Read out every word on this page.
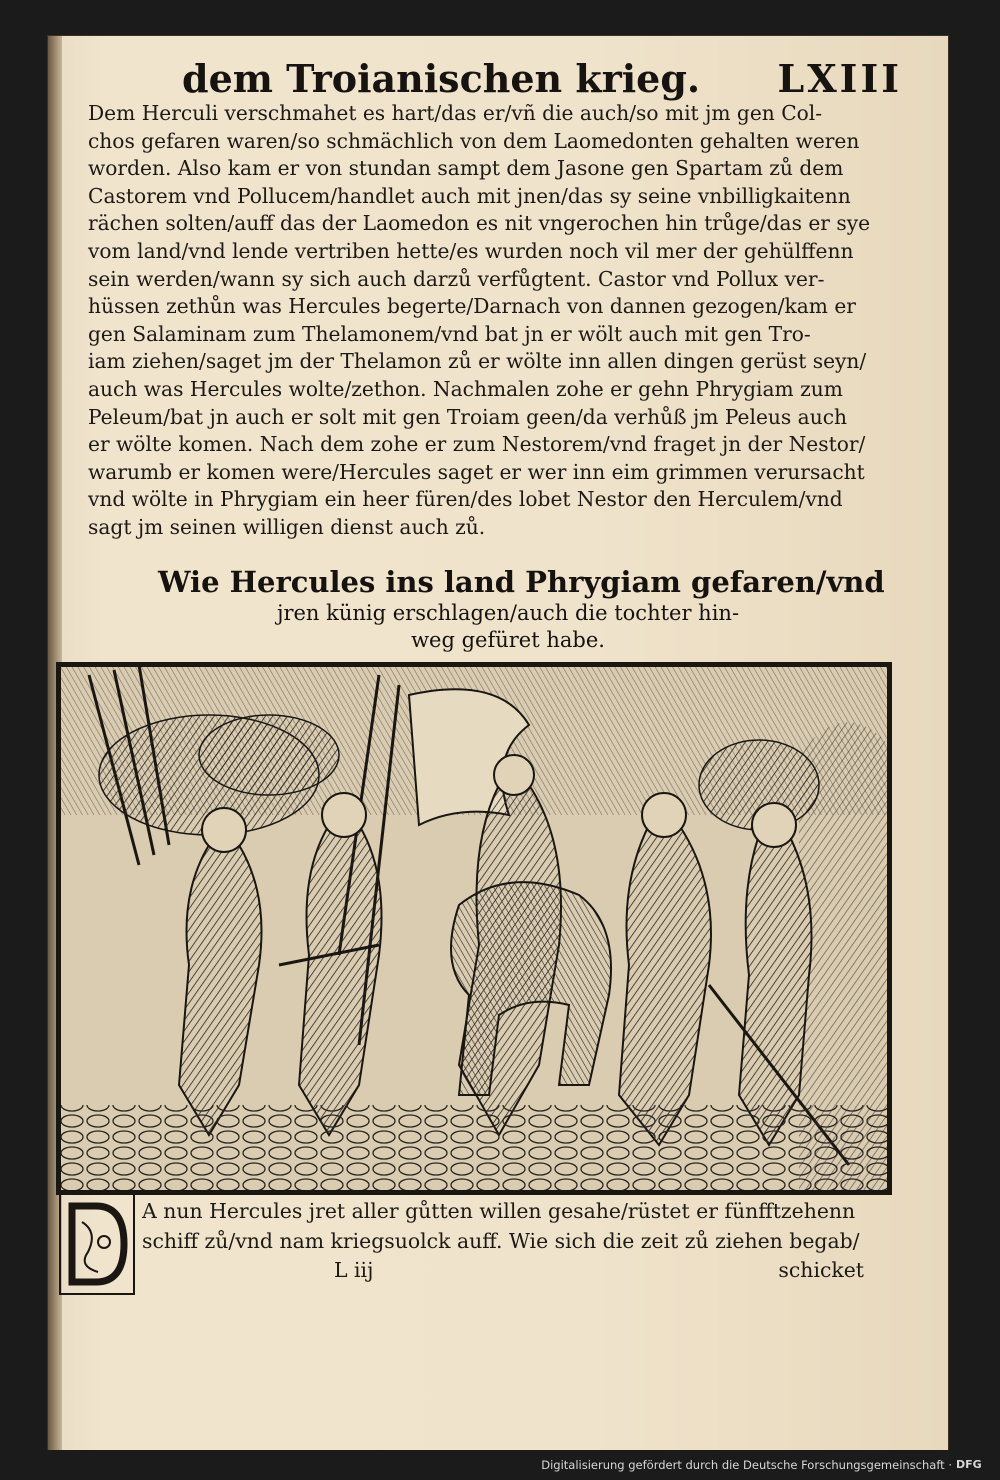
dem Troianischen krieg. LXIII
Dem Herculi verschmahet es hart/das er/vñ die auch/so mit jm gen Col‑
chos gefaren waren/so schmächlich von dem Laomedonten gehalten weren
worden. Also kam er von stundan sampt dem Jasone gen Spartam zů dem
Castorem vnd Pollucem/handlet auch mit jnen/das sy seine vnbilligkaitenn
rächen solten/auff das der Laomedon es nit vngerochen hin trůge/das er sye
vom land/vnd lende vertriben hette/es wurden noch vil mer der gehülffenn
sein werden/wann sy sich auch darzů verfůgtent. Castor vnd Pollux ver‑
hüssen zethůn was Hercules begerte/Darnach von dannen gezogen/kam er
gen Salaminam zum Thelamonem/vnd bat jn er wölt auch mit gen Tro‑
iam ziehen/saget jm der Thelamon zů er wölte inn allen dingen gerüst seyn/
auch was Hercules wolte/zethon. Nachmalen zohe er gehn Phrygiam zum
Peleum/bat jn auch er solt mit gen Troiam geen/da verhůß jm Peleus auch
er wölte komen. Nach dem zohe er zum Nestorem/vnd fraget jn der Nestor/
warumb er komen were/Hercules saget er wer inn eim grimmen verursacht
vnd wölte in Phrygiam ein heer füren/des lobet Nestor den Herculem/vnd
sagt jm seinen willigen dienst auch zů.
Wie Hercules ins land Phrygiam gefaren/vnd
jren künig erschlagen/auch die tochter hin‑
weg gefüret habe.
A nun Hercules jret aller gůtten willen gesahe/rüstet er fünfftzehenn
schiff zů/vnd nam kriegsuolck auff. Wie sich die zeit zů ziehen begab/
L iij	schicket
Digitalisierung gefördert durch die Deutsche Forschungsgemeinschaft · DFG
